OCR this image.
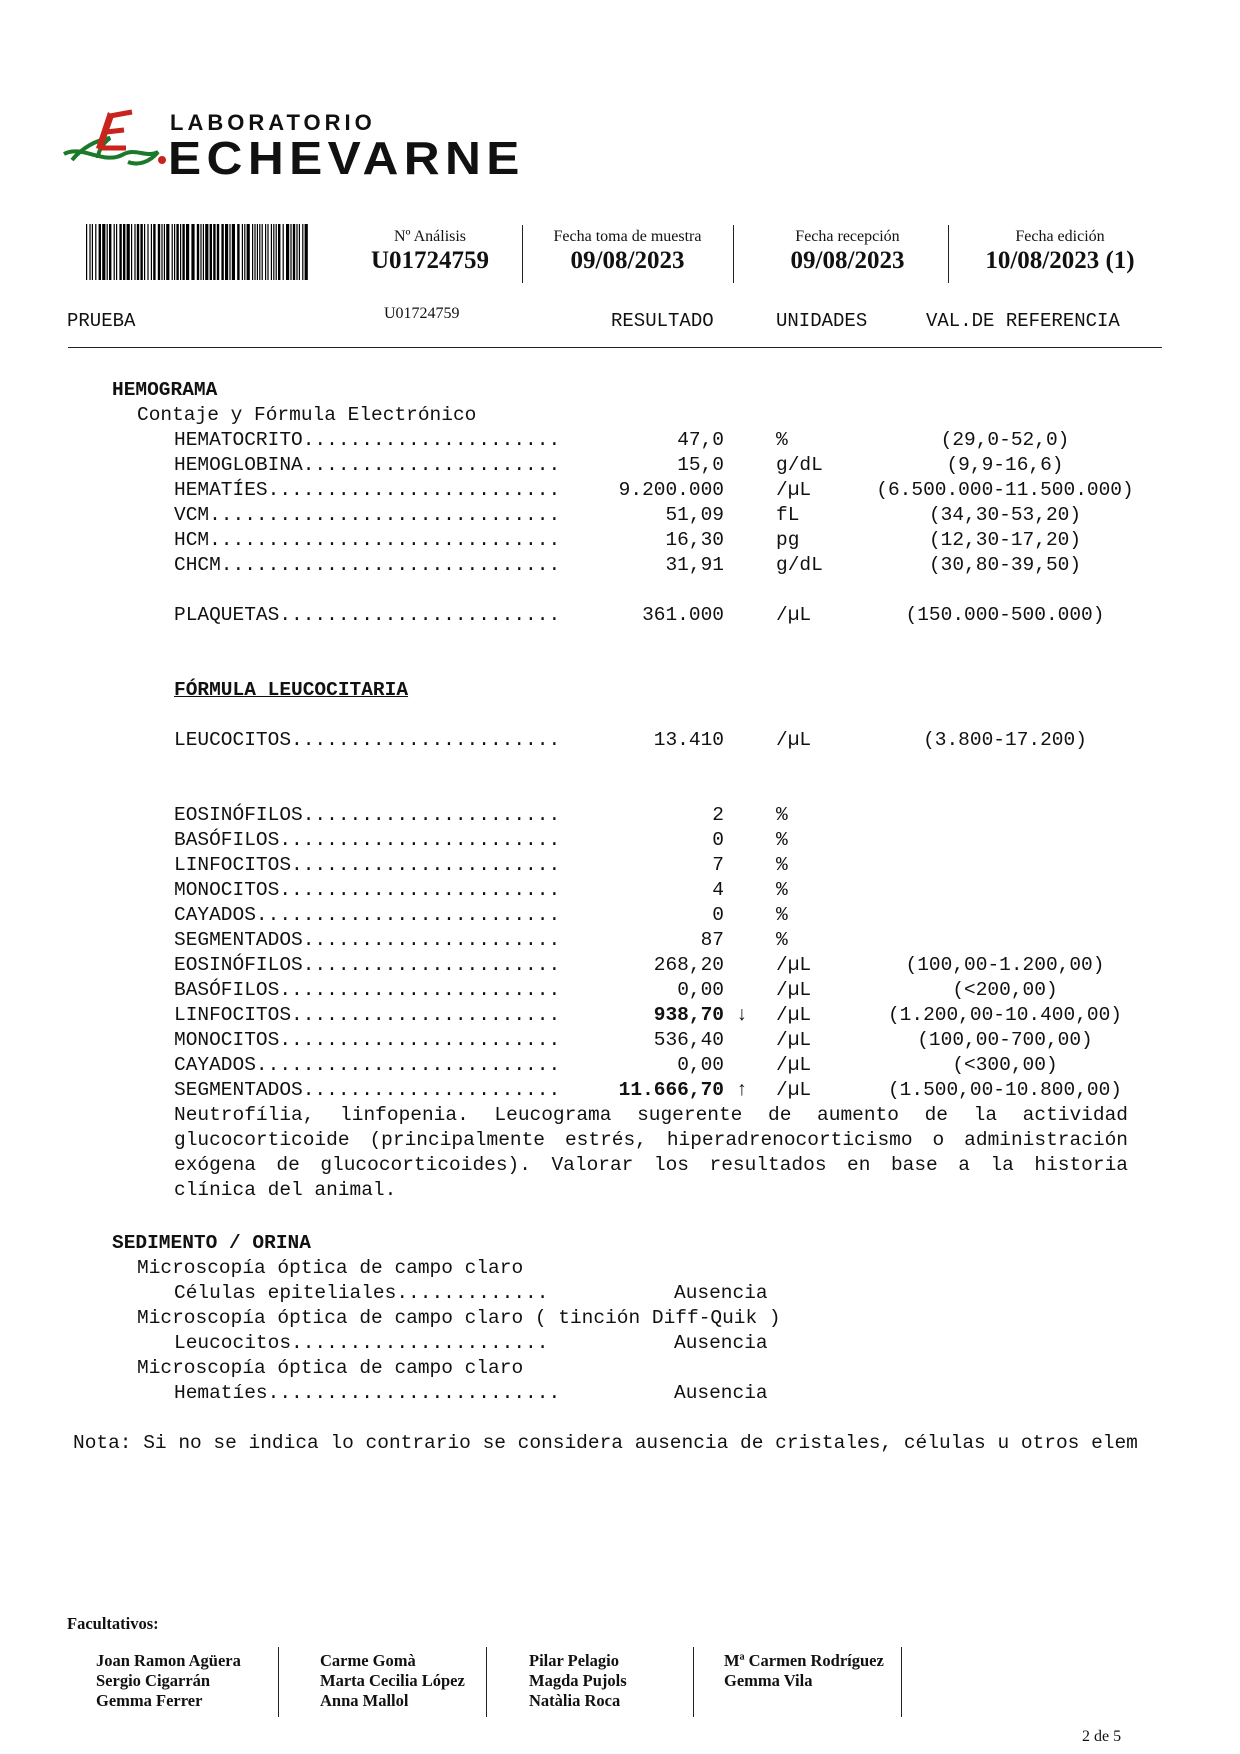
LABORATORIO
ECHEVARNE
Nº Análisis
U01724759
Fecha toma de muestra
09/08/2023
Fecha recepción
09/08/2023
Fecha edición
10/08/2023 (1)
PRUEBA	U01724759	RESULTADO	UNIDADES	VAL.DE REFERENCIA
HEMOGRAMA
Contaje y Fórmula Electrónico
HEMATOCRITO......................	47,0	%	(29,0-52,0)
HEMOGLOBINA......................	15,0	g/dL	(9,9-16,6)
HEMATÍES.........................	9.200.000	/µL	(6.500.000-11.500.000)
VCM..............................	51,09	fL	(34,30-53,20)
HCM..............................	16,30	pg	(12,30-17,20)
CHCM.............................	31,91	g/dL	(30,80-39,50)
PLAQUETAS........................	361.000	/µL	(150.000-500.000)
FÓRMULA LEUCOCITARIA
LEUCOCITOS.......................	13.410	/µL	(3.800-17.200)
EOSINÓFILOS......................	2	%
BASÓFILOS........................	0	%
LINFOCITOS.......................	7	%
MONOCITOS........................	4	%
CAYADOS..........................	0	%
SEGMENTADOS......................	87	%
EOSINÓFILOS......................	268,20	/µL	(100,00-1.200,00)
BASÓFILOS........................	0,00	/µL	(<200,00)
LINFOCITOS.......................	938,70 ↓	/µL	(1.200,00-10.400,00)
MONOCITOS........................	536,40	/µL	(100,00-700,00)
CAYADOS..........................	0,00	/µL	(<300,00)
SEGMENTADOS......................	11.666,70 ↑	/µL	(1.500,00-10.800,00)
Neutrofília, linfopenia. Leucograma sugerente de aumento de la actividad glucocorticoide (principalmente estrés, hiperadrenocorticismo o administración exógena de glucocorticoides). Valorar los resultados en base a la historia clínica del animal.
SEDIMENTO / ORINA
Microscopía óptica de campo claro
Células epiteliales.............	Ausencia
Microscopía óptica de campo claro ( tinción Diff-Quik )
Leucocitos......................	Ausencia
Microscopía óptica de campo claro
Hematíes.........................	Ausencia
Nota: Si no se indica lo contrario se considera ausencia de cristales, células u otros elem
Facultativos:
Joan Ramon Agüera
Sergio Cigarrán
Gemma Ferrer
Carme Gomà
Marta Cecilia López
Anna Mallol
Pilar Pelagio
Magda Pujols
Natàlia Roca
Mª Carmen Rodríguez
Gemma Vila
2 de 5
